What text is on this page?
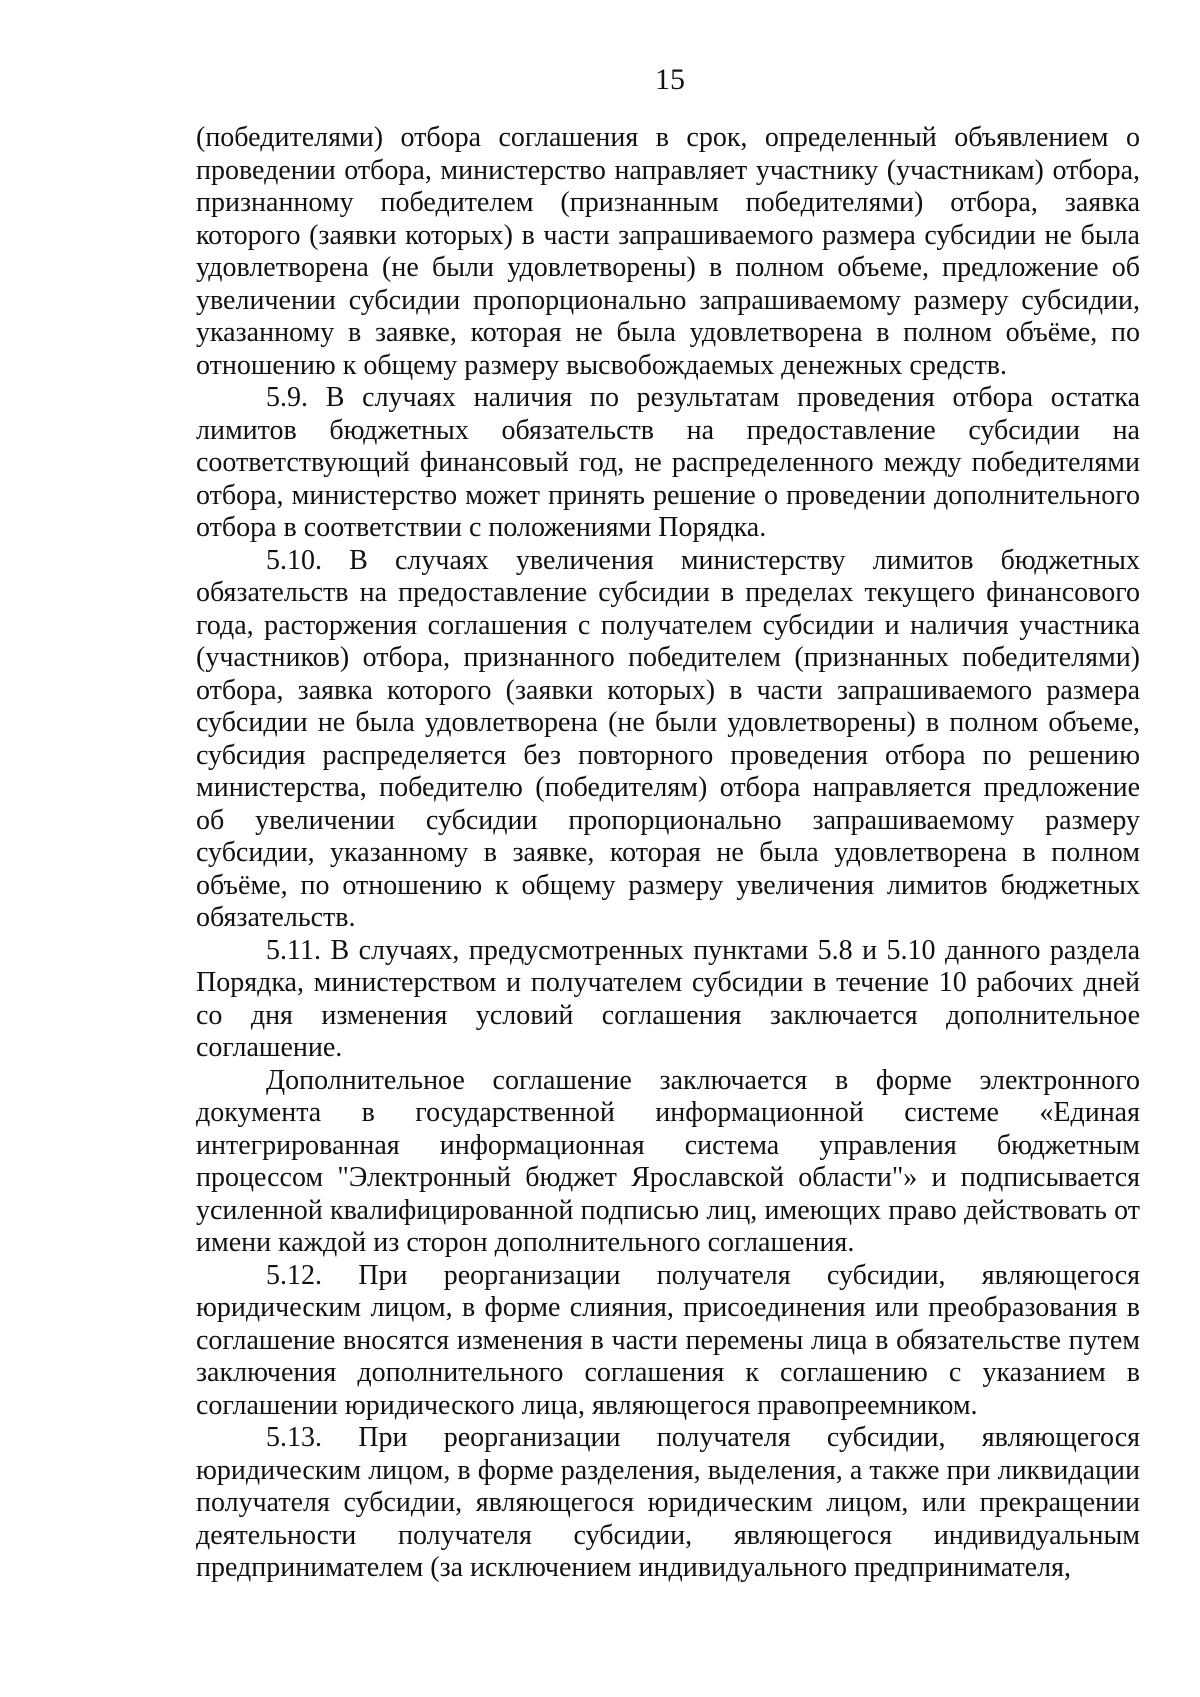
15

(победителями) отбора соглашения в срок, определенный объявлением о проведении отбора, министерство направляет участнику (участникам) отбора, признанному победителем (признанным победителями) отбора, заявка которого (заявки которых) в части запрашиваемого размера субсидии не была удовлетворена (не были удовлетворены) в полном объеме, предложение об увеличении субсидии пропорционально запрашиваемому размеру субсидии, указанному в заявке, которая не была удовлетворена в полном объёме, по отношению к общему размеру высвобождаемых денежных средств.

5.9. В случаях наличия по результатам проведения отбора остатка лимитов бюджетных обязательств на предоставление субсидии на соответствующий финансовый год, не распределенного между победителями отбора, министерство может принять решение о проведении дополнительного отбора в соответствии с положениями Порядка.

5.10. В случаях увеличения министерству лимитов бюджетных обязательств на предоставление субсидии в пределах текущего финансового года, расторжения соглашения с получателем субсидии и наличия участника (участников) отбора, признанного победителем (признанных победителями) отбора, заявка которого (заявки которых) в части запрашиваемого размера субсидии не была удовлетворена (не были удовлетворены) в полном объеме, субсидия распределяется без повторного проведения отбора по решению министерства, победителю (победителям) отбора направляется предложение об увеличении субсидии пропорционально запрашиваемому размеру субсидии, указанному в заявке, которая не была удовлетворена в полном объёме, по отношению к общему размеру увеличения лимитов бюджетных обязательств.

5.11. В случаях, предусмотренных пунктами 5.8 и 5.10 данного раздела Порядка, министерством и получателем субсидии в течение 10 рабочих дней со дня изменения условий соглашения заключается дополнительное соглашение.

Дополнительное соглашение заключается в форме электронного документа в государственной информационной системе «Единая интегрированная информационная система управления бюджетным процессом "Электронный бюджет Ярославской области"» и подписывается усиленной квалифицированной подписью лиц, имеющих право действовать от имени каждой из сторон дополнительного соглашения.

5.12. При реорганизации получателя субсидии, являющегося юридическим лицом, в форме слияния, присоединения или преобразования в соглашение вносятся изменения в части перемены лица в обязательстве путем заключения дополнительного соглашения к соглашению с указанием в соглашении юридического лица, являющегося правопреемником.

5.13. При реорганизации получателя субсидии, являющегося юридическим лицом, в форме разделения, выделения, а также при ликвидации получателя субсидии, являющегося юридическим лицом, или прекращении деятельности получателя субсидии, являющегося индивидуальным предпринимателем (за исключением индивидуального предпринимателя,
